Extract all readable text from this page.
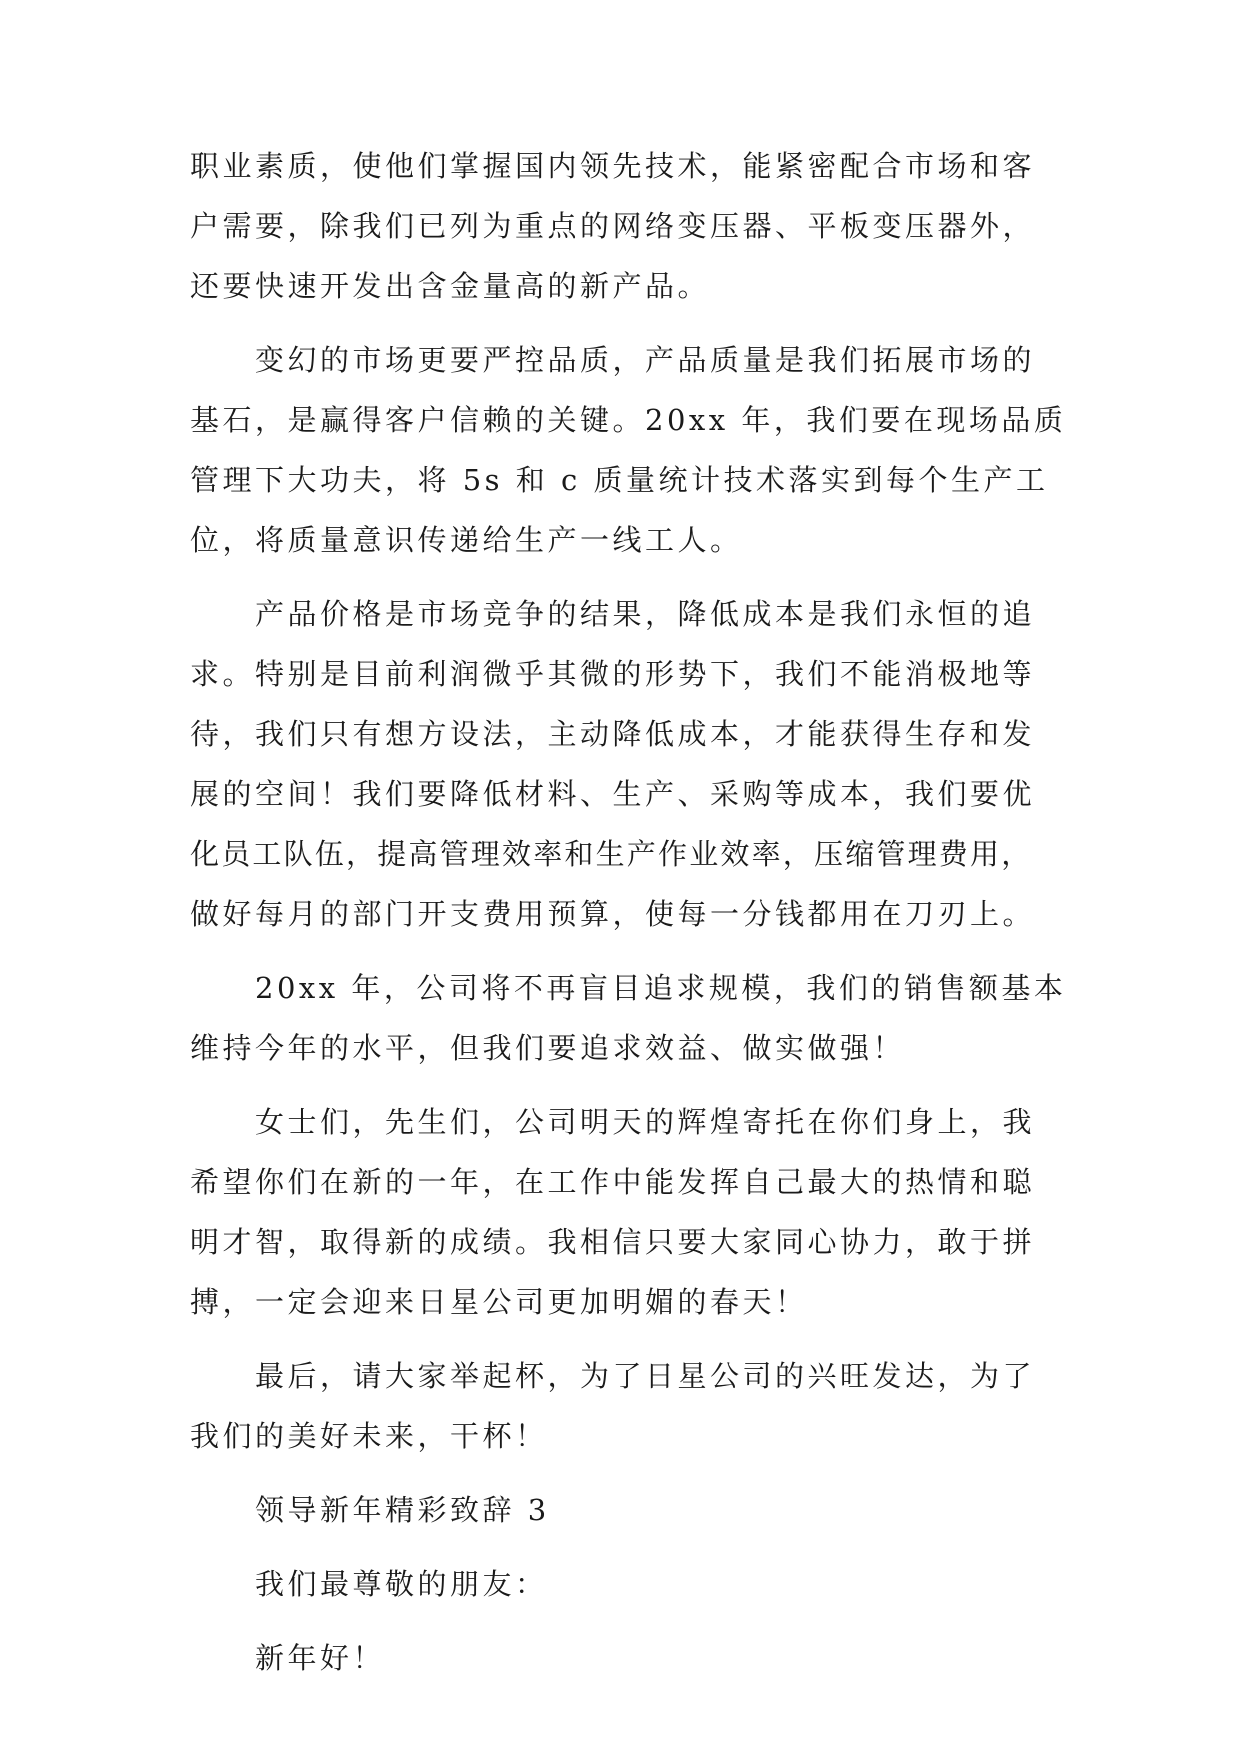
职业素质，使他们掌握国内领先技术，能紧密配合市场和客

户需要，除我们已列为重点的网络变压器、平板变压器外，

还要快速开发出含金量高的新产品。

变幻的市场更要严控品质，产品质量是我们拓展市场的

基石，是赢得客户信赖的关键。20xx 年，我们要在现场品质

管理下大功夫，将 5s 和 c 质量统计技术落实到每个生产工

位，将质量意识传递给生产一线工人。

产品价格是市场竞争的结果，降低成本是我们永恒的追

求。特别是目前利润微乎其微的形势下，我们不能消极地等

待，我们只有想方设法，主动降低成本，才能获得生存和发

展的空间！我们要降低材料、生产、采购等成本，我们要优

化员工队伍，提高管理效率和生产作业效率，压缩管理费用，

做好每月的部门开支费用预算，使每一分钱都用在刀刃上。

20xx 年，公司将不再盲目追求规模，我们的销售额基本

维持今年的水平，但我们要追求效益、做实做强！

女士们，先生们，公司明天的辉煌寄托在你们身上，我

希望你们在新的一年，在工作中能发挥自己最大的热情和聪

明才智，取得新的成绩。我相信只要大家同心协力，敢于拼

搏，一定会迎来日星公司更加明媚的春天！

最后，请大家举起杯，为了日星公司的兴旺发达，为了

我们的美好未来，干杯！

领导新年精彩致辞 3

我们最尊敬的朋友：

新年好！
